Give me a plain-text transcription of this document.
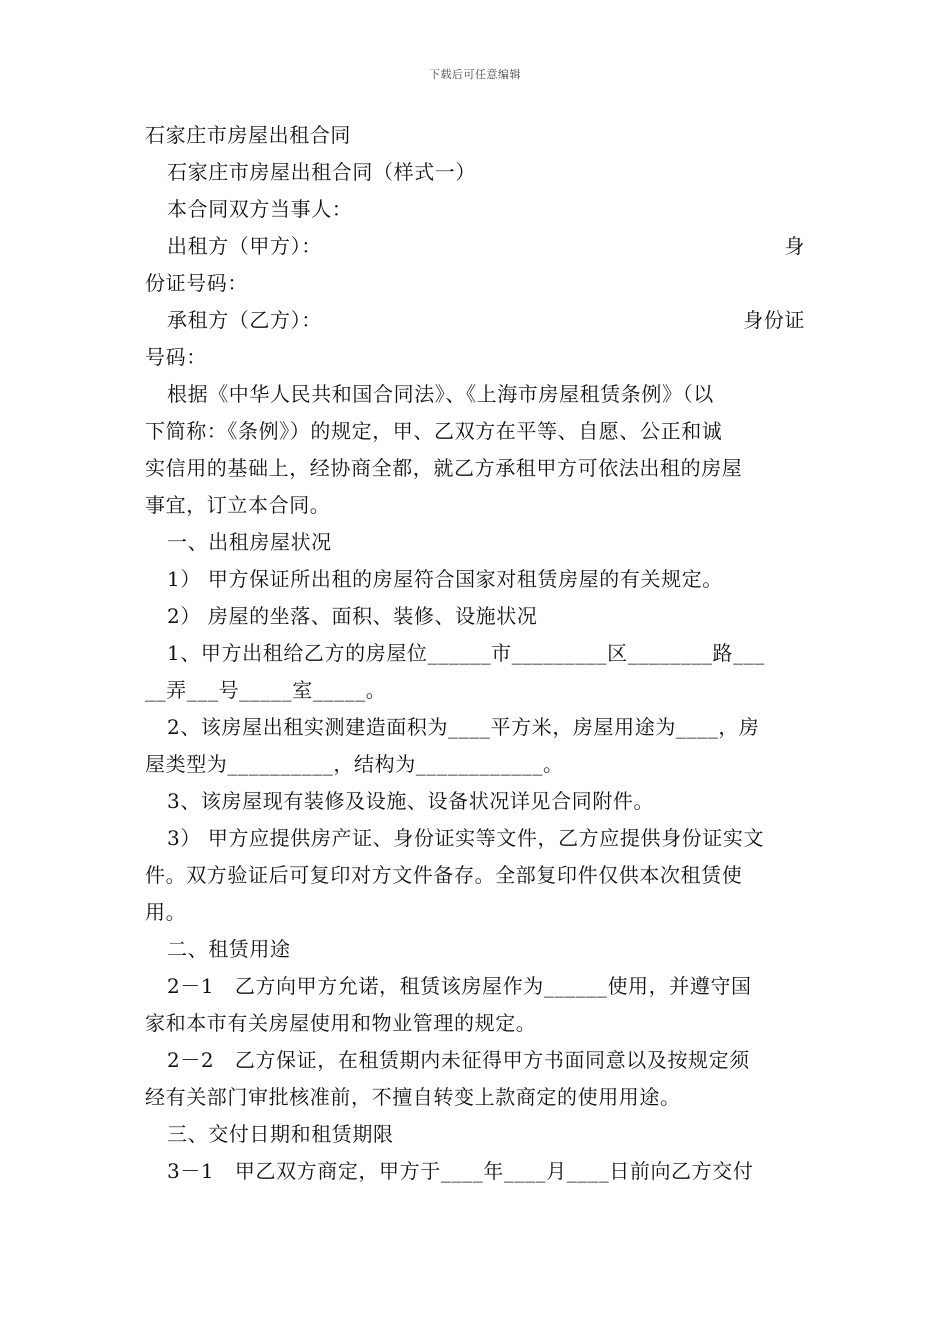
下载后可任意编辑
石家庄市房屋出租合同
石家庄市房屋出租合同（样式一）
本合同双方当事人：
出租方（甲方）：	身
份证号码：
承租方（乙方）：	身份证
号码：
根据《中华人民共和国合同法》、《上海市房屋租赁条例》（以
下简称：《条例》）的规定，甲、乙双方在平等、自愿、公正和诚
实信用的基础上，经协商全都，就乙方承租甲方可依法出租的房屋
事宜，订立本合同。
一、出租房屋状况
1） 甲方保证所出租的房屋符合国家对租赁房屋的有关规定。
2） 房屋的坐落、面积、装修、设施状况
1、甲方出租给乙方的房屋位______市_________区________路___
__弄___号_____室_____。
2、该房屋出租实测建造面积为____平方米，房屋用途为____，房
屋类型为__________，结构为____________。
3、该房屋现有装修及设施、设备状况详见合同附件。
3） 甲方应提供房产证、身份证实等文件，乙方应提供身份证实文
件。双方验证后可复印对方文件备存。全部复印件仅供本次租赁使
用。
二、租赁用途
2－1　乙方向甲方允诺，租赁该房屋作为______使用，并遵守国
家和本市有关房屋使用和物业管理的规定。
2－2　乙方保证，在租赁期内未征得甲方书面同意以及按规定须
经有关部门审批核准前，不擅自转变上款商定的使用用途。
三、交付日期和租赁期限
3－1　甲乙双方商定，甲方于____年____月____日前向乙方交付
